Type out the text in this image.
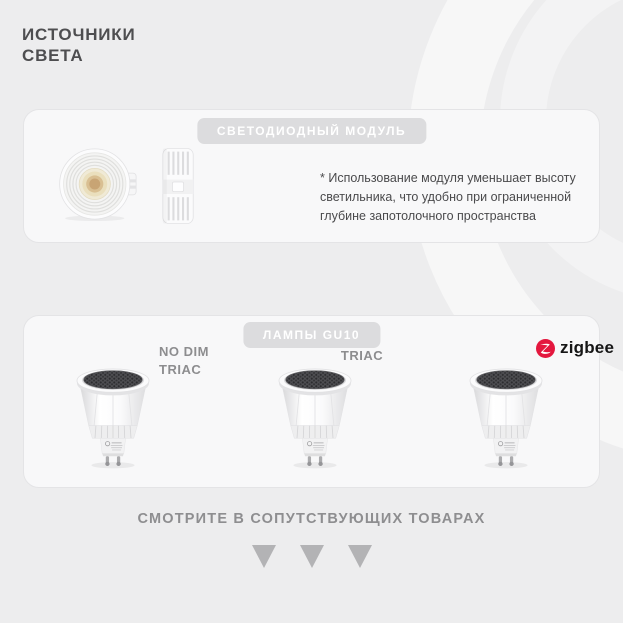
ИСТОЧНИКИ
СВЕТА
СВЕТОДИОДНЫЙ МОДУЛЬ

* Использование модуля уменьшает высоту светильника, что удобно при ограниченной глубине запотолочного пространства

ЛАМПЫ GU10
NO DIM
TRIAC
TRIAC	zigbee
СМОТРИТЕ В СОПУТСТВУЮЩИХ ТОВАРАХ
